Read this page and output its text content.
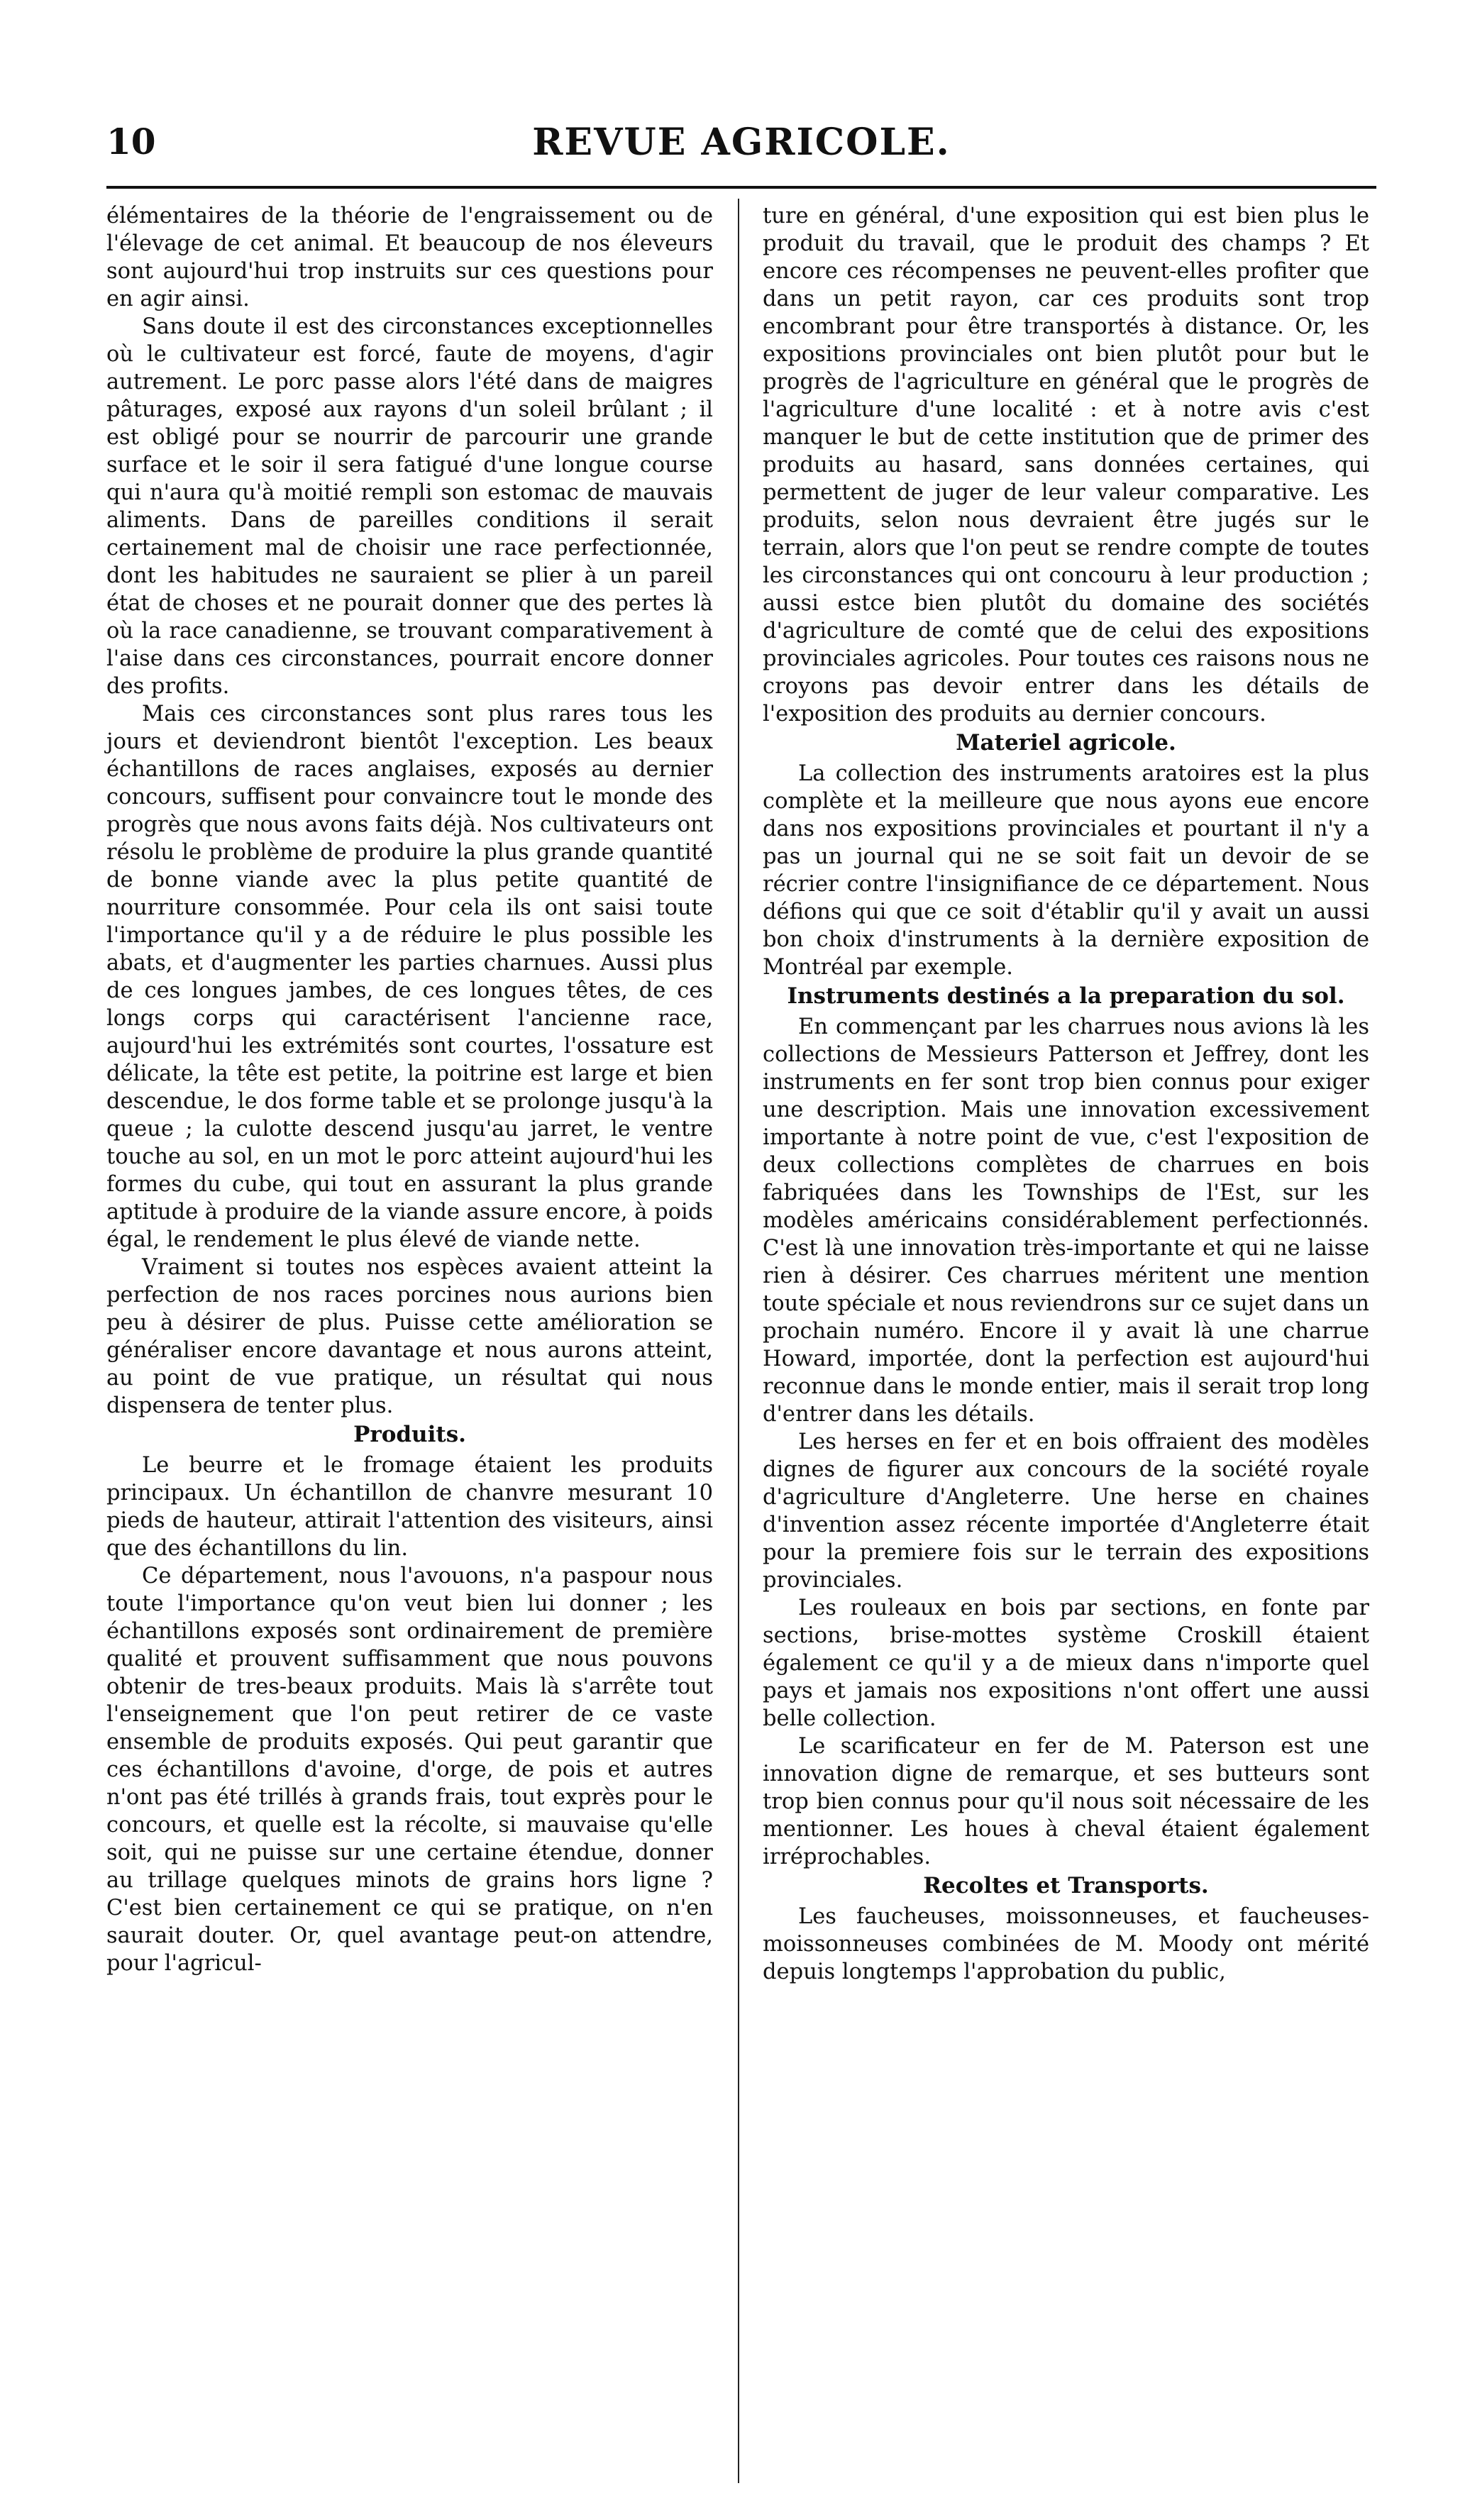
10	REVUE AGRICOLE.

élémentaires de la théorie de l'engraissement ou de l'élevage de cet animal. Et beaucoup de nos éleveurs sont aujourd'hui trop instruits sur ces questions pour en agir ainsi.

Sans doute il est des circonstances exceptionnelles où le cultivateur est forcé, faute de moyens, d'agir autrement. Le porc passe alors l'été dans de maigres pâturages, exposé aux rayons d'un soleil brûlant ; il est obligé pour se nourrir de parcourir une grande surface et le soir il sera fatigué d'une longue course qui n'aura qu'à moitié rempli son estomac de mauvais aliments. Dans de pareilles conditions il serait certainement mal de choisir une race perfectionnée, dont les habitudes ne sauraient se plier à un pareil état de choses et ne pourait donner que des pertes là où la race canadienne, se trouvant comparativement à l'aise dans ces circonstances, pourrait encore donner des profits.

Mais ces circonstances sont plus rares tous les jours et deviendront bientôt l'exception. Les beaux échantillons de races anglaises, exposés au dernier concours, suffisent pour convaincre tout le monde des progrès que nous avons faits déjà. Nos cultivateurs ont résolu le problème de produire la plus grande quantité de bonne viande avec la plus petite quantité de nourriture consommée. Pour cela ils ont saisi toute l'importance qu'il y a de réduire le plus possible les abats, et d'augmenter les parties charnues. Aussi plus de ces longues jambes, de ces longues têtes, de ces longs corps qui caractérisent l'ancienne race, aujourd'hui les extrémités sont courtes, l'ossature est délicate, la tête est petite, la poitrine est large et bien descendue, le dos forme table et se prolonge jusqu'à la queue ; la culotte descend jusqu'au jarret, le ventre touche au sol, en un mot le porc atteint aujourd'hui les formes du cube, qui tout en assurant la plus grande aptitude à produire de la viande assure encore, à poids égal, le rendement le plus élevé de viande nette.

Vraiment si toutes nos espèces avaient atteint la perfection de nos races porcines nous aurions bien peu à désirer de plus. Puisse cette amélioration se généraliser encore davantage et nous aurons atteint, au point de vue pratique, un résultat qui nous dispensera de tenter plus.

Produits.

Le beurre et le fromage étaient les produits principaux. Un échantillon de chanvre mesurant 10 pieds de hauteur, attirait l'attention des visiteurs, ainsi que des échantillons du lin.

Ce département, nous l'avouons, n'a paspour nous toute l'importance qu'on veut bien lui donner ; les échantillons exposés sont ordinairement de première qualité et prouvent suffisamment que nous pouvons obtenir de tres-beaux produits. Mais là s'arrête tout l'enseignement que l'on peut retirer de ce vaste ensemble de produits exposés. Qui peut garantir que ces échantillons d'avoine, d'orge, de pois et autres n'ont pas été trillés à grands frais, tout exprès pour le concours, et quelle est la récolte, si mauvaise qu'elle soit, qui ne puisse sur une certaine étendue, donner au trillage quelques minots de grains hors ligne ? C'est bien certainement ce qui se pratique, on n'en saurait douter. Or, quel avantage peut-on attendre, pour l'agricul-

ture en général, d'une exposition qui est bien plus le produit du travail, que le produit des champs ? Et encore ces récompenses ne peuvent-elles profiter que dans un petit rayon, car ces produits sont trop encombrant pour être transportés à distance. Or, les expositions provinciales ont bien plutôt pour but le progrès de l'agriculture en général que le progrès de l'agriculture d'une localité : et à notre avis c'est manquer le but de cette institution que de primer des produits au hasard, sans données certaines, qui permettent de juger de leur valeur comparative. Les produits, selon nous devraient être jugés sur le terrain, alors que l'on peut se rendre compte de toutes les circonstances qui ont concouru à leur production ; aussi estce bien plutôt du domaine des sociétés d'agriculture de comté que de celui des expositions provinciales agricoles. Pour toutes ces raisons nous ne croyons pas devoir entrer dans les détails de l'exposition des produits au dernier concours.

Materiel agricole.

La collection des instruments aratoires est la plus complète et la meilleure que nous ayons eue encore dans nos expositions provinciales et pourtant il n'y a pas un journal qui ne se soit fait un devoir de se récrier contre l'insignifiance de ce département. Nous défions qui que ce soit d'établir qu'il y avait un aussi bon choix d'instruments à la dernière exposition de Montréal par exemple.

Instruments destinés a la preparation du sol.

En commençant par les charrues nous avions là les collections de Messieurs Patterson et Jeffrey, dont les instruments en fer sont trop bien connus pour exiger une description. Mais une innovation excessivement importante à notre point de vue, c'est l'exposition de deux collections complètes de charrues en bois fabriquées dans les Townships de l'Est, sur les modèles américains considérablement perfectionnés. C'est là une innovation très-importante et qui ne laisse rien à désirer. Ces charrues méritent une mention toute spéciale et nous reviendrons sur ce sujet dans un prochain numéro. Encore il y avait là une charrue Howard, importée, dont la perfection est aujourd'hui reconnue dans le monde entier, mais il serait trop long d'entrer dans les détails.

Les herses en fer et en bois offraient des modèles dignes de figurer aux concours de la société royale d'agriculture d'Angleterre. Une herse en chaines d'invention assez récente importée d'Angleterre était pour la premiere fois sur le terrain des expositions provinciales.

Les rouleaux en bois par sections, en fonte par sections, brise-mottes système Croskill étaient également ce qu'il y a de mieux dans n'importe quel pays et jamais nos expositions n'ont offert une aussi belle collection.

Le scarificateur en fer de M. Paterson est une innovation digne de remarque, et ses butteurs sont trop bien connus pour qu'il nous soit nécessaire de les mentionner. Les houes à cheval étaient également irréprochables.

Recoltes et Transports.

Les faucheuses, moissonneuses, et faucheuses-moissonneuses combinées de M. Moody ont mérité depuis longtemps l'approbation du public,
